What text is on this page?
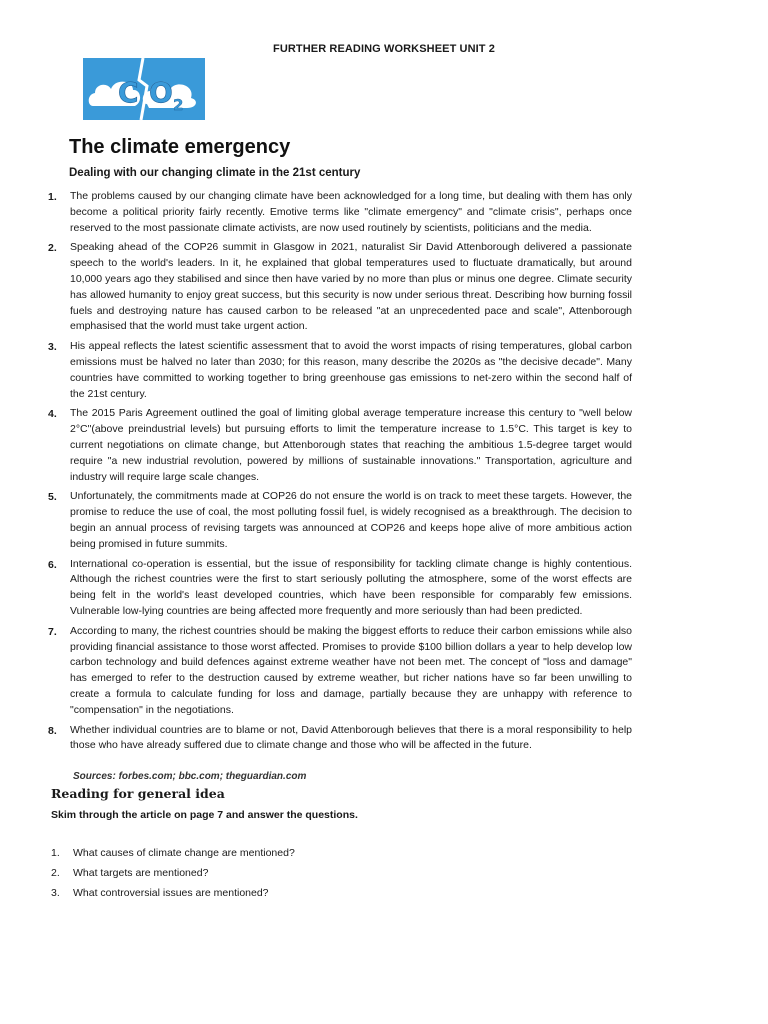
FURTHER READING WORKSHEET UNIT 2
C O 2
The climate emergency
Dealing with our changing climate in the 21st century
1.	The problems caused by our changing climate have been acknowledged for a long time, but dealing with them has only become a political priority fairly recently. Emotive terms like "climate emergency" and "climate crisis", perhaps once reserved to the most passionate climate activists, are now used routinely by scientists, politicians and the media.
2.	Speaking ahead of the COP26 summit in Glasgow in 2021, naturalist Sir David Attenborough delivered a passionate speech to the world's leaders. In it, he explained that global temperatures used to fluctuate dramatically, but around 10,000 years ago they stabilised and since then have varied by no more than plus or minus one degree. Climate security has allowed humanity to enjoy great success, but this security is now under serious threat. Describing how burning fossil fuels and destroying nature has caused carbon to be released "at an unprecedented pace and scale", Attenborough emphasised that the world must take urgent action.
3.	His appeal reflects the latest scientific assessment that to avoid the worst impacts of rising temperatures, global carbon emissions must be halved no later than 2030; for this reason, many describe the 2020s as "the decisive decade". Many countries have committed to working together to bring greenhouse gas emissions to net-zero within the second half of the 21st century.
4.	The 2015 Paris Agreement outlined the goal of limiting global average temperature increase this century to "well below 2°C"(above preindustrial levels) but pursuing efforts to limit the temperature increase to 1.5°C. This target is key to current negotiations on climate change, but Attenborough states that reaching the ambitious 1.5-degree target would require "a new industrial revolution, powered by millions of sustainable innovations." Transportation, agriculture and industry will require large scale changes.
5.	Unfortunately, the commitments made at COP26 do not ensure the world is on track to meet these targets. However, the promise to reduce the use of coal, the most polluting fossil fuel, is widely recognised as a breakthrough. The decision to begin an annual process of revising targets was announced at COP26 and keeps hope alive of more ambitious action being promised in future summits.
6.	International co-operation is essential, but the issue of responsibility for tackling climate change is highly contentious. Although the richest countries were the first to start seriously polluting the atmosphere, some of the worst effects are being felt in the world's least developed countries, which have been responsible for comparably few emissions. Vulnerable low-lying countries are being affected more frequently and more seriously than had been predicted.
7.	According to many, the richest countries should be making the biggest efforts to reduce their carbon emissions while also providing financial assistance to those worst affected. Promises to provide $100 billion dollars a year to help develop low carbon technology and build defences against extreme weather have not been met. The concept of "loss and damage" has emerged to refer to the destruction caused by extreme weather, but richer nations have so far been unwilling to create a formula to calculate funding for loss and damage, partially because they are unhappy with reference to "compensation" in the negotiations.
8.	Whether individual countries are to blame or not, David Attenborough believes that there is a moral responsibility to help those who have already suffered due to climate change and those who will be affected in the future.
Sources: forbes.com; bbc.com; theguardian.com
Reading for general idea
Skim through the article on page 7 and answer the questions.
1.	What causes of climate change are mentioned?
2.	What targets are mentioned?
3.	What controversial issues are mentioned?
